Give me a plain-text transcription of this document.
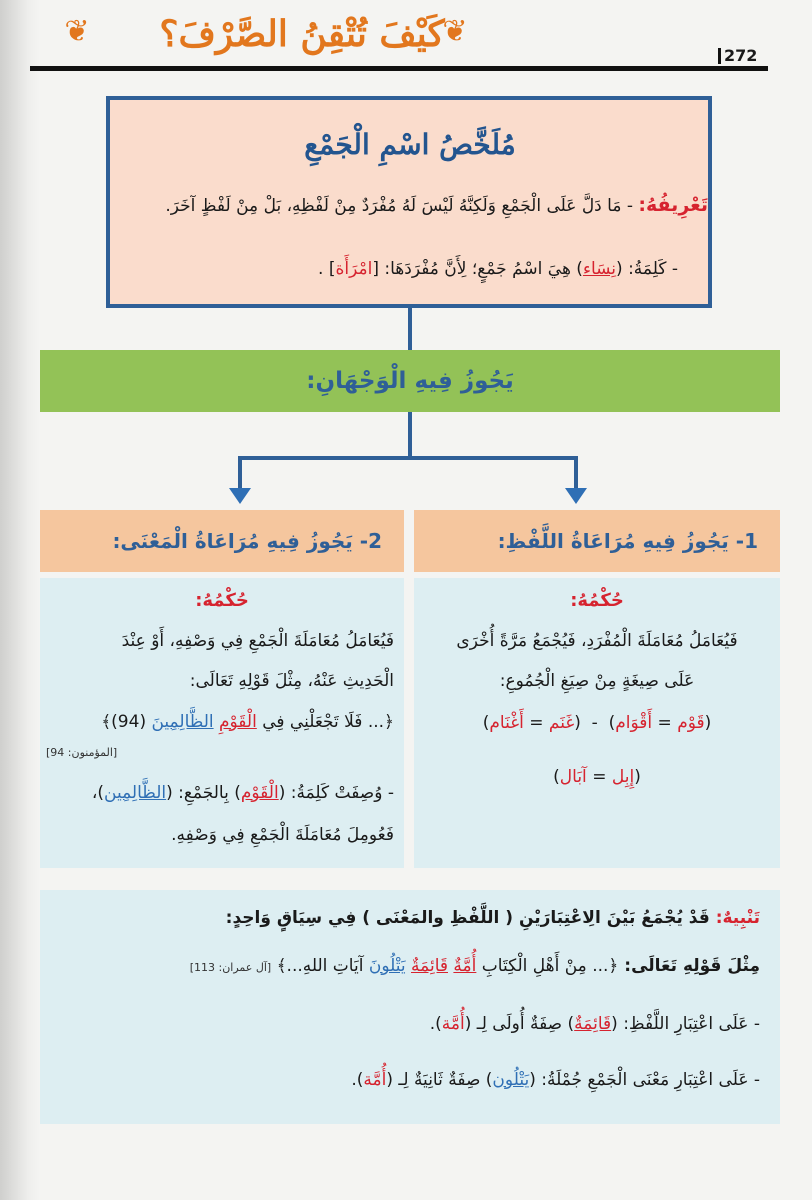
❦	❦
كَيْفَ تُتْقِنُ الصَّرْفَ؟
272
مُلَخَّصُ اسْمِ الْجَمْعِ
تَعْرِيفُهُ: - مَا دَلَّ عَلَى الْجَمْعِ وَلَكِنَّهُ لَيْسَ لَهُ مُفْرَدٌ مِنْ لَفْظِهِ، بَلْ مِنْ لَفْظٍ آخَرَ.
- كَلِمَةُ: (نِسَاء) هِيَ اسْمُ جَمْعٍ؛ لِأَنَّ مُفْرَدَهَا: [امْرَأَة] .
يَجُوزُ فِيهِ الْوَجْهَانِ:
1- يَجُوزُ فِيهِ مُرَاعَاةُ اللَّفْظِ:
2- يَجُوزُ فِيهِ مُرَاعَاةُ الْمَعْنَى:
حُكْمُهُ:
فَيُعَامَلُ مُعَامَلَةَ الْمُفْرَدِ، فَيُجْمَعُ مَرَّةً أُخْرَى
عَلَى صِيغَةٍ مِنْ صِيَغِ الْجُمُوعِ:
(قَوْم = أَقْوَام)  -  (غَنَم = أَغْنَام)
(إِبِل = آبَال)
حُكْمُهُ:
فَيُعَامَلُ مُعَامَلَةَ الْجَمْعِ فِي وَصْفِهِ، أَوْ عِنْدَ
الْحَدِيثِ عَنْهُ، مِثْلَ قَوْلِهِ تَعَالَى:
﴿... فَلَا تَجْعَلْنِي فِي الْقَوْمِ الظَّالِمِينَ (94)﴾
[المؤمنون: 94]
- وُصِفَتْ كَلِمَةُ: (الْقَوْم) بِالجَمْعِ: (الظَّالِمِين)،
فَعُومِلَ مُعَامَلَةَ الْجَمْعِ فِي وَصْفِهِ.
تَنْبِيهٌ: قَدْ يُجْمَعُ بَيْنَ الِاعْتِبَارَيْنِ ( اللَّفْظِ والمَعْنَى ) فِي سِيَاقٍ وَاحِدٍ:
مِثْلَ قَوْلِهِ تَعَالَى: ﴿... مِنْ أَهْلِ الْكِتَابِ أُمَّةٌ قَائِمَةٌ يَتْلُونَ آيَاتِ اللهِ...﴾ [آل عمران: 113]
- عَلَى اعْتِبَارِ اللَّفْظِ: (قَائِمَةٌ) صِفَةٌ أُولَى لِـ (أُمَّة).
- عَلَى اعْتِبَارِ مَعْنَى الْجَمْعِ جُمْلَةُ: (يَتْلُون) صِفَةٌ ثَانِيَةٌ لِـ (أُمَّة).
